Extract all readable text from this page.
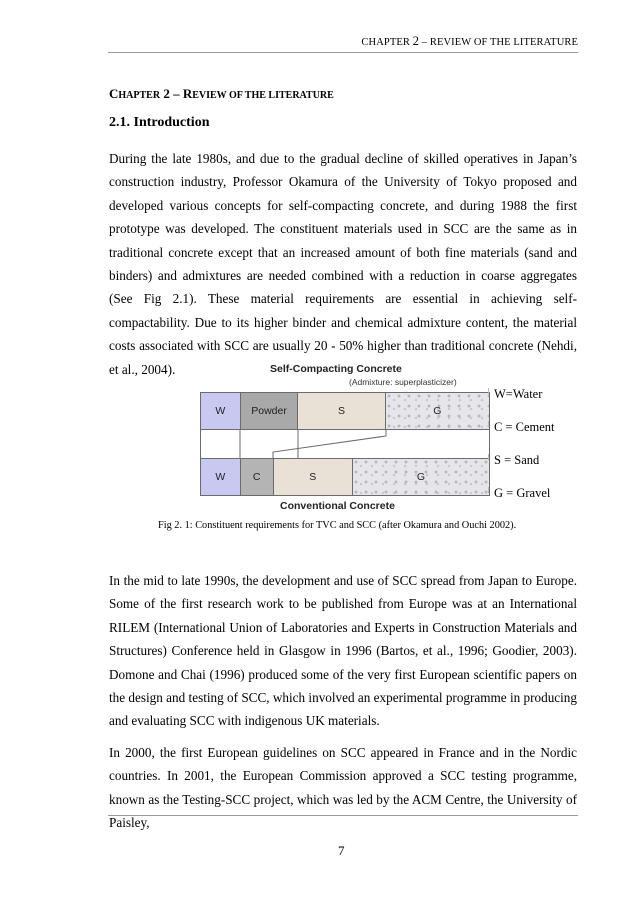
CHAPTER 2 – REVIEW OF THE LITERATURE
CHAPTER 2 – REVIEW OF THE LITERATURE
2.1. Introduction

During the late 1980s, and due to the gradual decline of skilled operatives in Japan’s construction industry, Professor Okamura of the University of Tokyo proposed and developed various concepts for self-compacting concrete, and during 1988 the first prototype was developed. The constituent materials used in SCC are the same as in traditional concrete except that an increased amount of both fine materials (sand and binders) and admixtures are needed combined with a reduction in coarse aggregates (See Fig 2.1). These material requirements are essential in achieving self-compactability. Due to its higher binder and chemical admixture content, the material costs associated with SCC are usually 20 - 50% higher than traditional concrete (Nehdi, et al., 2004).	Self-Compacting Concrete
(Admixture: superplasticizer)
W	Powder	S	G
W	C	S	G
Conventional Concrete
W=Water
C = Cement
S = Sand
G = Gravel
Fig 2. 1: Constituent requirements for TVC and SCC (after Okamura and Ouchi 2002).

In the mid to late 1990s, the development and use of SCC spread from Japan to Europe. Some of the first research work to be published from Europe was at an International RILEM (International Union of Laboratories and Experts in Construction Materials and Structures) Conference held in Glasgow in 1996 (Bartos, et al., 1996; Goodier, 2003). Domone and Chai (1996) produced some of the very first European scientific papers on the design and testing of SCC, which involved an experimental programme in producing and evaluating SCC with indigenous UK materials.

In 2000, the first European guidelines on SCC appeared in France and in the Nordic countries. In 2001, the European Commission approved a SCC testing programme, known as the Testing-SCC project, which was led by the ACM Centre, the University of Paisley,

7
